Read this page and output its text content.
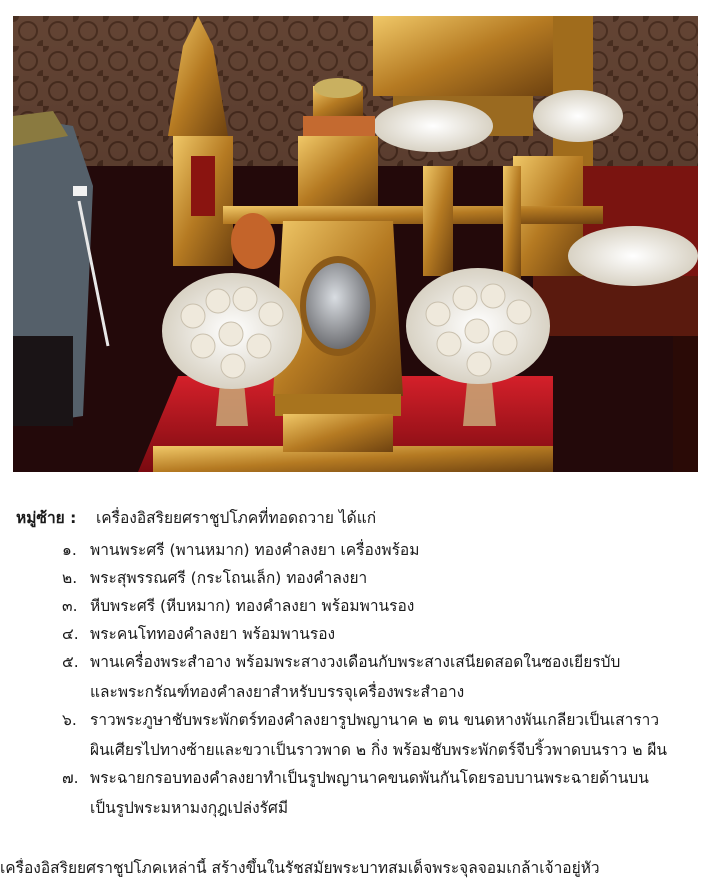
หมู่ซ้าย : เครื่องอิสริยยศราชูปโภคที่ทอดถวาย ได้แก่
๑. พานพระศรี (พานหมาก) ทองคำลงยา เครื่องพร้อม
๒. พระสุพรรณศรี (กระโถนเล็ก) ทองคำลงยา
๓. หีบพระศรี (หีบหมาก) ทองคำลงยา พร้อมพานรอง
๔. พระคนโททองคำลงยา พร้อมพานรอง
๕. พานเครื่องพระสำอาง พร้อมพระสางวงเดือนกับพระสางเสนียดสอดในซองเยียรบับ
และพระกรัณฑ์ทองคำลงยาสำหรับบรรจุเครื่องพระสำอาง
๖. ราวพระภูษาชับพระพักตร์ทองคำลงยารูปพญานาค ๒ ตน ขนดหางพันเกลียวเป็นเสาราว
ผินเศียรไปทางซ้ายและขวาเป็นราวพาด ๒ กิ่ง พร้อมชับพระพักตร์จีบริ้วพาดบนราว ๒ ผืน
๗. พระฉายกรอบทองคำลงยาทำเป็นรูปพญานาคขนดพันกันโดยรอบบานพระฉายด้านบน
เป็นรูปพระมหามงกุฎเปล่งรัศมี
เครื่องอิสริยยศราชูปโภคเหล่านี้ สร้างขึ้นในรัชสมัยพระบาทสมเด็จพระจุลจอมเกล้าเจ้าอยู่หัว
